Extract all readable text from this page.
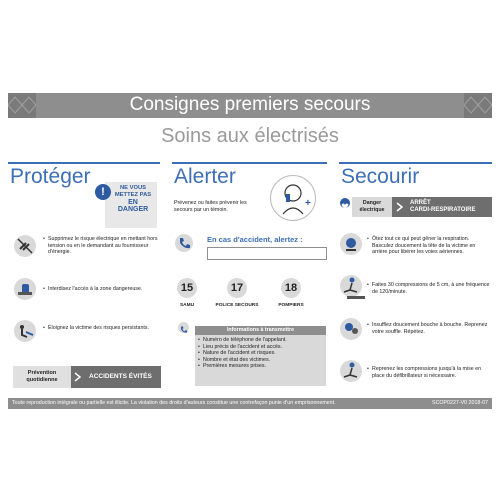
Consignes premiers secours
Soins aux électrisés
Protéger
!	NE VOUS
METTEZ PAS
EN
DANGER
• Supprimez le risque électrique en mettant hors tension ou en le demandant au fournisseur d'énergie.
• Interdisez l'accès à la zone dangereuse.
• Éloignez la victime des risques persistants.
Prévention
quotidienne	ACCIDENTS ÉVITÉS
Alerter
Prévenez ou faites prévenir les secours par un témoin.
+
En cas d'accident, alertez :
15
SAMU
17
POLICE SECOURS
18
POMPIERS
Informations à transmettre
• Numéro de téléphone de l'appelant.
• Lieu précis de l'accident et accès.
• Nature de l'accident et risques.
• Nombre et état des victimes.
• Premières mesures prises.
Secourir
Danger
électrique
ARRÊT
CARDI-RESPIRATOIRE
• Ôtez tout ce qui peut gêner la respiration. Basculez doucement la tête de la victime en arrière pour libérer les voies aériennes.
• Faites 30 compressions de 5 cm, à une fréquence de 120/minute.
• Insufflez doucement bouche à bouche. Reprenez votre souffle. Répétez.
• Reprenez les compressions jusqu'à la mise en place du défibrillateur si nécessaire.
Toute reproduction intégrale ou partielle est illicite. La violation des droits d'auteurs constitue une contrefaçon punie d'un emprisonnement.	SCOP0227-V0 2018-07
